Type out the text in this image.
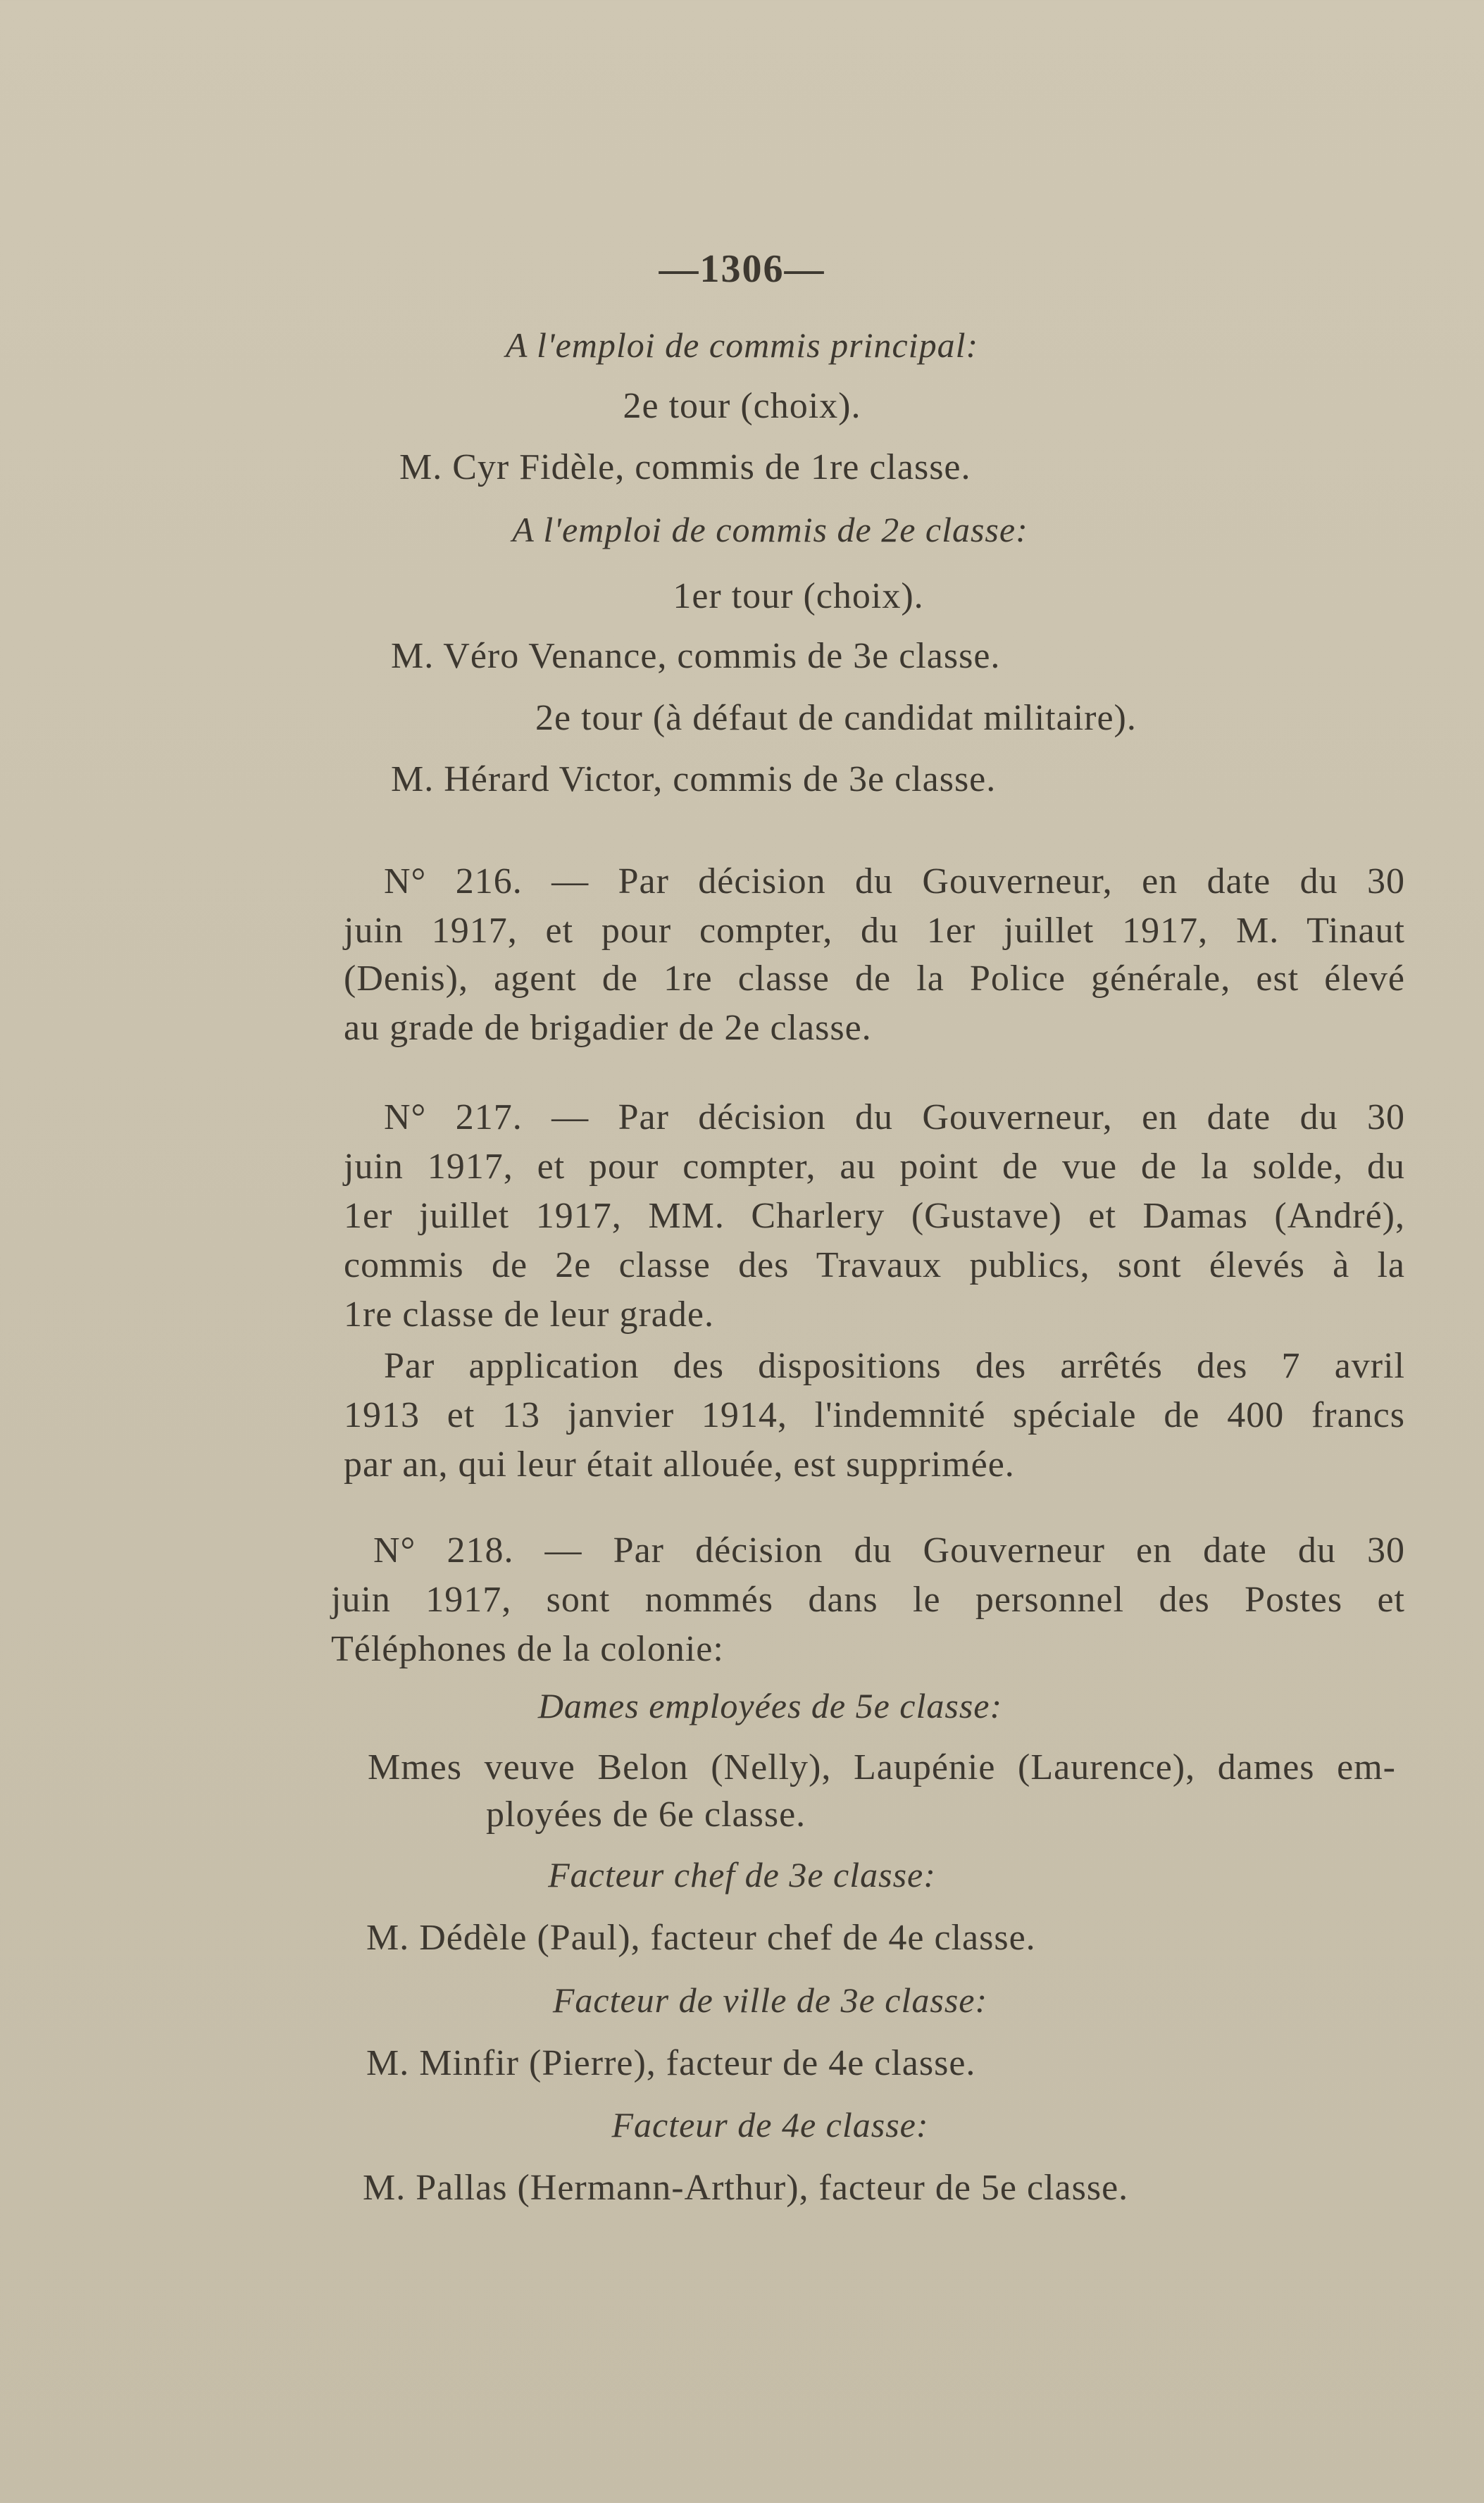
—1306—
A l'emploi de commis principal:
2e tour (choix).
M. Cyr Fidèle, commis de 1re classe.
A l'emploi de commis de 2e classe:
1er tour (choix).
M. Véro Venance, commis de 3e classe.
2e tour (à défaut de candidat militaire).
M. Hérard Victor, commis de 3e classe.
N° 216. — Par décision du Gouverneur, en date du 30
juin 1917, et pour compter, du 1er juillet 1917, M. Tinaut
(Denis), agent de 1re classe de la Police générale, est élevé
au grade de brigadier de 2e classe.
N° 217. — Par décision du Gouverneur, en date du 30
juin 1917, et pour compter, au point de vue de la solde, du
1er juillet 1917, MM. Charlery (Gustave) et Damas (André),
commis de 2e classe des Travaux publics, sont élevés à la
1re classe de leur grade.
Par application des dispositions des arrêtés des 7 avril
1913 et 13 janvier 1914, l'indemnité spéciale de 400 francs
par an, qui leur était allouée, est supprimée.
N° 218. — Par décision du Gouverneur en date du 30
juin 1917, sont nommés dans le personnel des Postes et
Téléphones de la colonie:
Dames employées de 5e classe:
Mmes veuve Belon (Nelly), Laupénie (Laurence), dames em-
ployées de 6e classe.
Facteur chef de 3e classe:
M. Dédèle (Paul), facteur chef de 4e classe.
Facteur de ville de 3e classe:
M. Minfir (Pierre), facteur de 4e classe.
Facteur de 4e classe:
M. Pallas (Hermann-Arthur), facteur de 5e classe.
